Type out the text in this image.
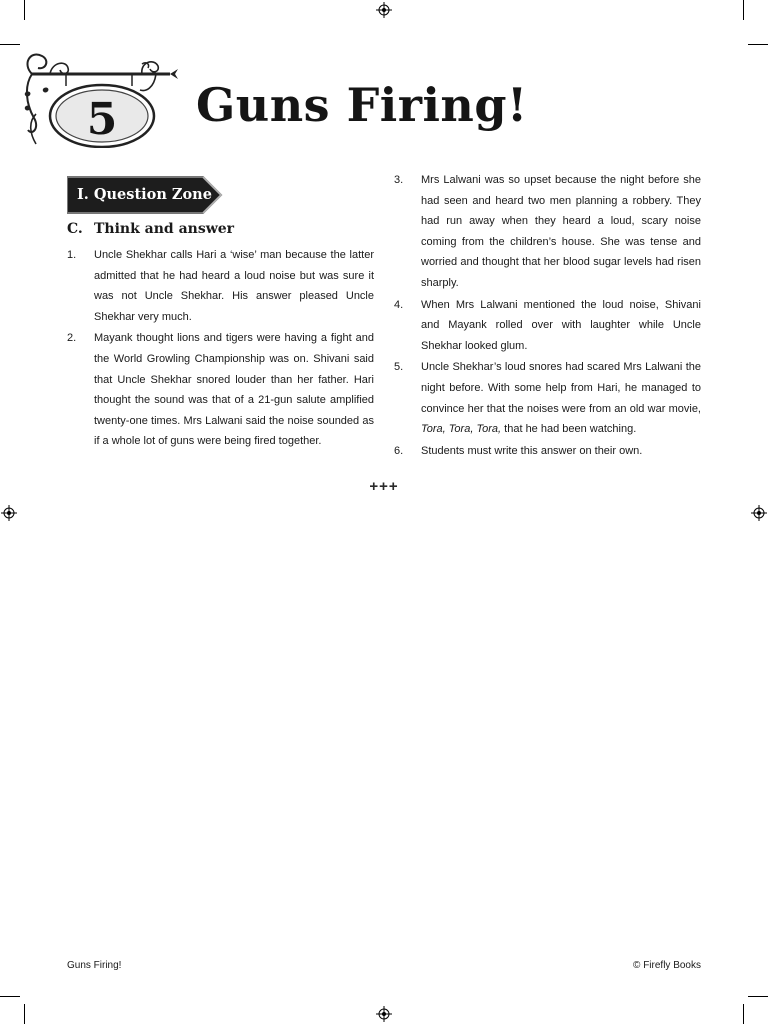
5 Guns Firing!
I. Question Zone
C. Think and answer
1.	Uncle Shekhar calls Hari a ‘wise’ man because the latter admitted that he had heard a loud noise but was sure it was not Uncle Shekhar. His answer pleased Uncle Shekhar very much.
2.	Mayank thought lions and tigers were having a fight and the World Growling Championship was on. Shivani said that Uncle Shekhar snored louder than her father. Hari thought the sound was that of a 21-gun salute amplified twenty-one times. Mrs Lalwani said the noise sounded as if a whole lot of guns were being fired together.
3.	Mrs Lalwani was so upset because the night before she had seen and heard two men planning a robbery. They had run away when they heard a loud, scary noise coming from the children’s house. She was tense and worried and thought that her blood sugar levels had risen sharply.
4.	When Mrs Lalwani mentioned the loud noise, Shivani and Mayank rolled over with laughter while Uncle Shekhar looked glum.
5.	Uncle Shekhar’s loud snores had scared Mrs Lalwani the night before. With some help from Hari, he managed to convince her that the noises were from an old war movie, Tora, Tora, Tora, that he had been watching.
6.	Students must write this answer on their own.
+++
Guns Firing!	© Firefly Books
